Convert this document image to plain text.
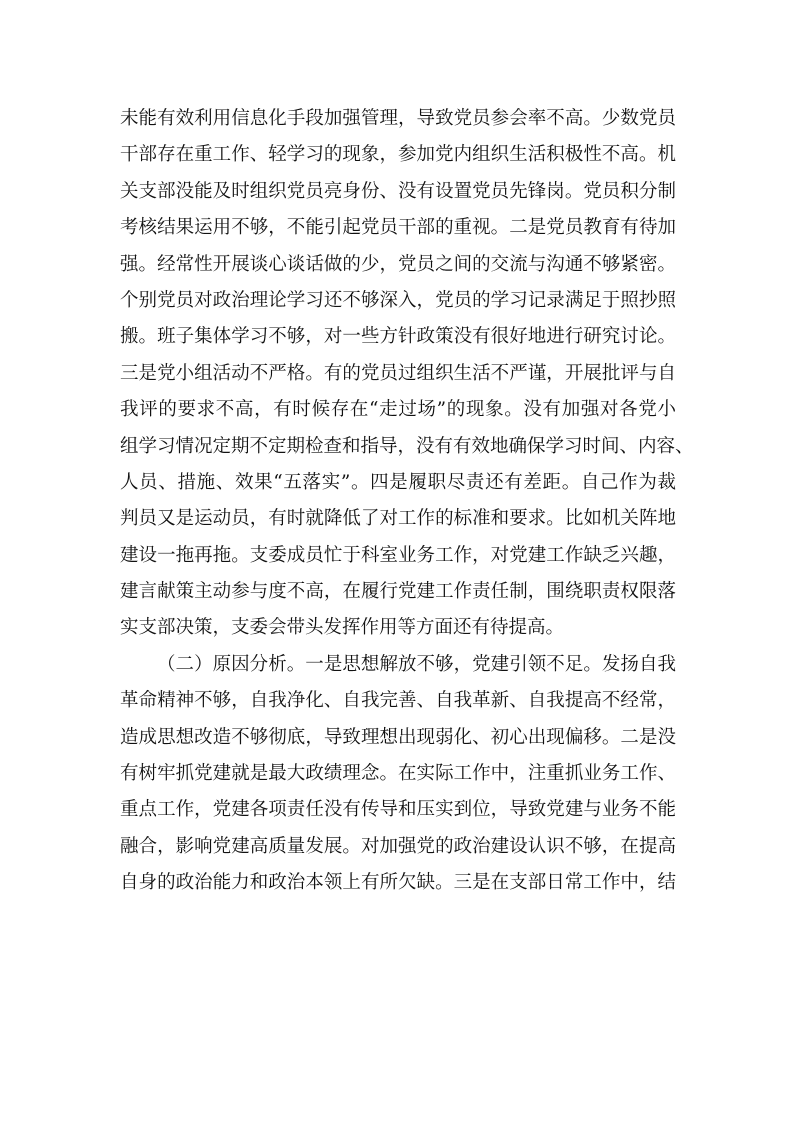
未能有效利用信息化手段加强管理，导致党员参会率不高。少数党员
干部存在重工作、轻学习的现象，参加党内组织生活积极性不高。机
关支部没能及时组织党员亮身份、没有设置党员先锋岗。党员积分制
考核结果运用不够，不能引起党员干部的重视。二是党员教育有待加
强。经常性开展谈心谈话做的少，党员之间的交流与沟通不够紧密。
个别党员对政治理论学习还不够深入，党员的学习记录满足于照抄照
搬。班子集体学习不够，对一些方针政策没有很好地进行研究讨论。
三是党小组活动不严格。有的党员过组织生活不严谨，开展批评与自
我评的要求不高，有时候存在“走过场”的现象。没有加强对各党小
组学习情况定期不定期检查和指导，没有有效地确保学习时间、内容、
人员、措施、效果“五落实”。四是履职尽责还有差距。自己作为裁
判员又是运动员，有时就降低了对工作的标准和要求。比如机关阵地
建设一拖再拖。支委成员忙于科室业务工作，对党建工作缺乏兴趣，
建言献策主动参与度不高，在履行党建工作责任制，围绕职责权限落
实支部决策，支委会带头发挥作用等方面还有待提高。
（二）原因分析。一是思想解放不够，党建引领不足。发扬自我
革命精神不够，自我净化、自我完善、自我革新、自我提高不经常，
造成思想改造不够彻底，导致理想出现弱化、初心出现偏移。二是没
有树牢抓党建就是最大政绩理念。在实际工作中，注重抓业务工作、
重点工作，党建各项责任没有传导和压实到位，导致党建与业务不能
融合，影响党建高质量发展。对加强党的政治建设认识不够，在提高
自身的政治能力和政治本领上有所欠缺。三是在支部日常工作中，结
